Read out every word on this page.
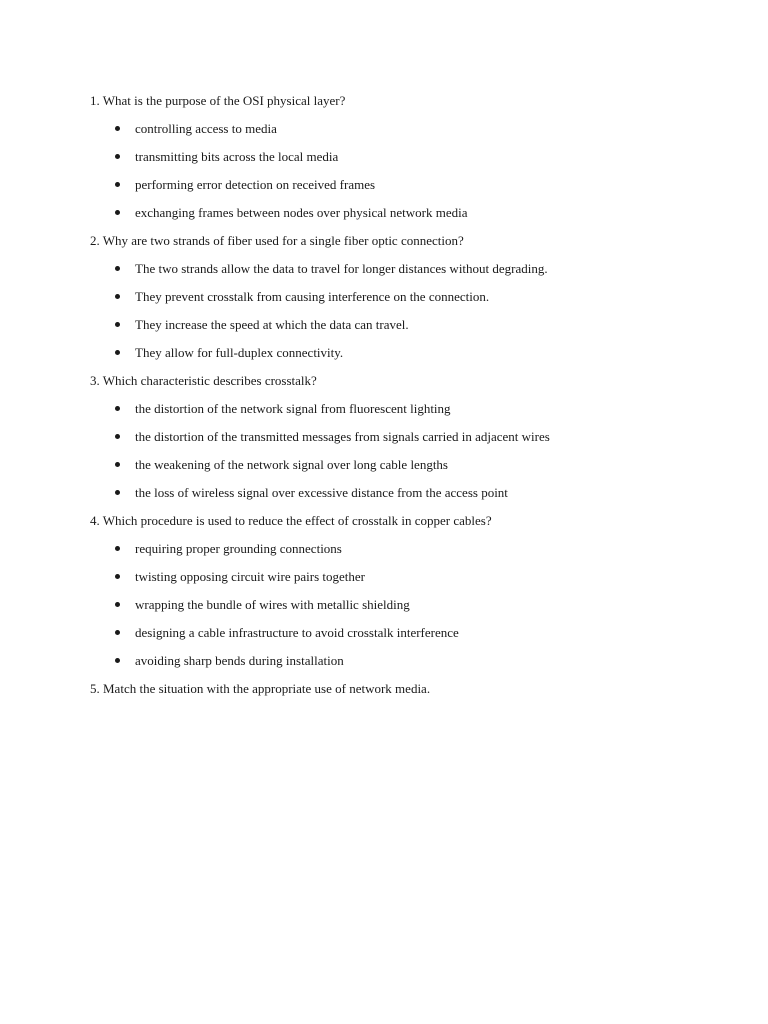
1. What is the purpose of the OSI physical layer?
controlling access to media
transmitting bits across the local media
performing error detection on received frames
exchanging frames between nodes over physical network media
2. Why are two strands of fiber used for a single fiber optic connection?
The two strands allow the data to travel for longer distances without degrading.
They prevent crosstalk from causing interference on the connection.
They increase the speed at which the data can travel.
They allow for full-duplex connectivity.
3. Which characteristic describes crosstalk?
the distortion of the network signal from fluorescent lighting
the distortion of the transmitted messages from signals carried in adjacent wires
the weakening of the network signal over long cable lengths
the loss of wireless signal over excessive distance from the access point
4. Which procedure is used to reduce the effect of crosstalk in copper cables?
requiring proper grounding connections
twisting opposing circuit wire pairs together
wrapping the bundle of wires with metallic shielding
designing a cable infrastructure to avoid crosstalk interference
avoiding sharp bends during installation
5. Match the situation with the appropriate use of network media.
